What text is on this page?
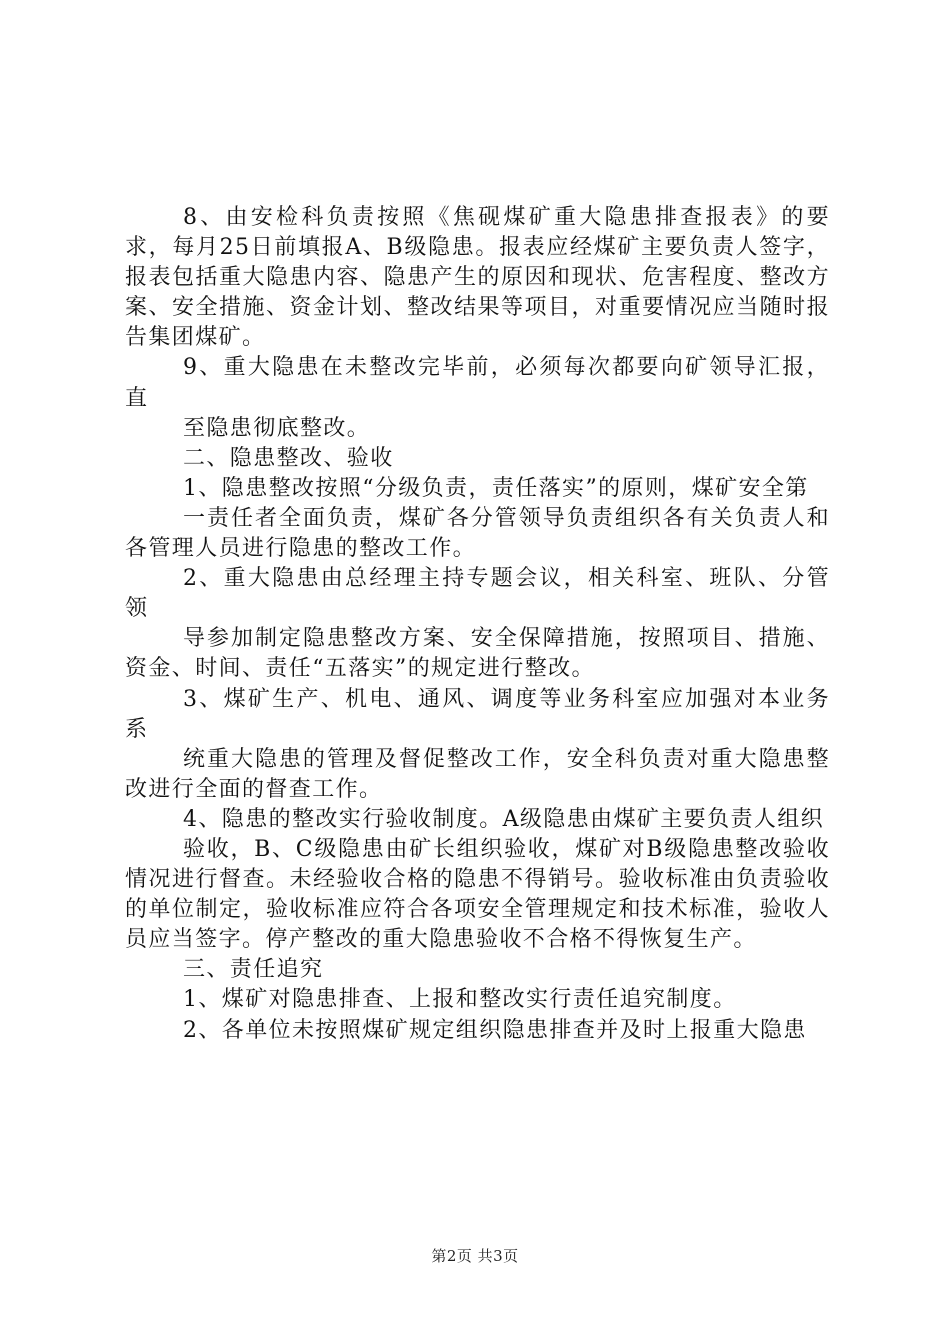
8、由安检科负责按照《焦砚煤矿重大隐患排查报表》的要求，每月25日前填报A、B级隐患。报表应经煤矿主要负责人签字，报表包括重大隐患内容、隐患产生的原因和现状、危害程度、整改方案、安全措施、资金计划、整改结果等项目，对重要情况应当随时报告集团煤矿。

9、重大隐患在未整改完毕前，必须每次都要向矿领导汇报，直

至隐患彻底整改。

二、隐患整改、验收

1、隐患整改按照“分级负责，责任落实”的原则，煤矿安全第

一责任者全面负责，煤矿各分管领导负责组织各有关负责人和各管理人员进行隐患的整改工作。

2、重大隐患由总经理主持专题会议，相关科室、班队、分管领

导参加制定隐患整改方案、安全保障措施，按照项目、措施、资金、时间、责任“五落实”的规定进行整改。

3、煤矿生产、机电、通风、调度等业务科室应加强对本业务系

统重大隐患的管理及督促整改工作，安全科负责对重大隐患整改进行全面的督查工作。

4、隐患的整改实行验收制度。A级隐患由煤矿主要负责人组织

验收，B、C级隐患由矿长组织验收，煤矿对B级隐患整改验收情况进行督查。未经验收合格的隐患不得销号。验收标准由负责验收的单位制定，验收标准应符合各项安全管理规定和技术标准，验收人员应当签字。停产整改的重大隐患验收不合格不得恢复生产。

三、责任追究

1、煤矿对隐患排查、上报和整改实行责任追究制度。

2、各单位未按照煤矿规定组织隐患排查并及时上报重大隐患

第2页 共3页
